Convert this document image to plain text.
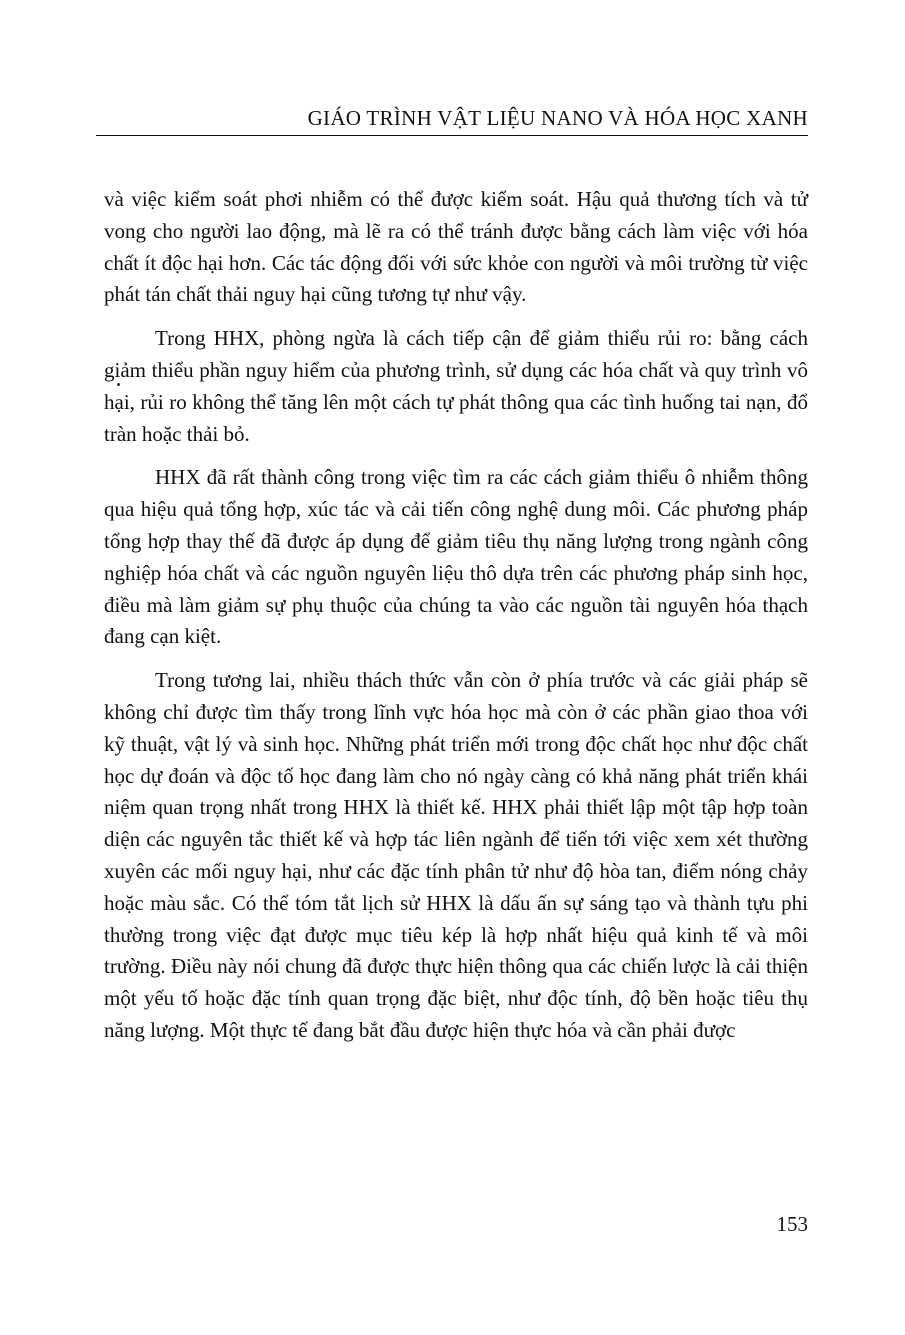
GIÁO TRÌNH VẬT LIỆU NANO VÀ HÓA HỌC XANH

và việc kiểm soát phơi nhiễm có thể được kiểm soát. Hậu quả thương tích và tử vong cho người lao động, mà lẽ ra có thể tránh được bằng cách làm việc với hóa chất ít độc hại hơn. Các tác động đối với sức khỏe con người và môi trường từ việc phát tán chất thải nguy hại cũng tương tự như vậy.

Trong HHX, phòng ngừa là cách tiếp cận để giảm thiểu rủi ro: bằng cách giảm thiểu phần nguy hiểm của phương trình, sử dụng các hóa chất và quy trình vô hại, rủi ro không thể tăng lên một cách tự phát thông qua các tình huống tai nạn, đổ tràn hoặc thải bỏ.

HHX đã rất thành công trong việc tìm ra các cách giảm thiểu ô nhiễm thông qua hiệu quả tổng hợp, xúc tác và cải tiến công nghệ dung môi. Các phương pháp tổng hợp thay thế đã được áp dụng để giảm tiêu thụ năng lượng trong ngành công nghiệp hóa chất và các nguồn nguyên liệu thô dựa trên các phương pháp sinh học, điều mà làm giảm sự phụ thuộc của chúng ta vào các nguồn tài nguyên hóa thạch đang cạn kiệt.

Trong tương lai, nhiều thách thức vẫn còn ở phía trước và các giải pháp sẽ không chỉ được tìm thấy trong lĩnh vực hóa học mà còn ở các phần giao thoa với kỹ thuật, vật lý và sinh học. Những phát triển mới trong độc chất học như độc chất học dự đoán và độc tố học đang làm cho nó ngày càng có khả năng phát triển khái niệm quan trọng nhất trong HHX là thiết kế. HHX phải thiết lập một tập hợp toàn diện các nguyên tắc thiết kế và hợp tác liên ngành để tiến tới việc xem xét thường xuyên các mối nguy hại, như các đặc tính phân tử như độ hòa tan, điểm nóng chảy hoặc màu sắc. Có thể tóm tắt lịch sử HHX là dấu ấn sự sáng tạo và thành tựu phi thường trong việc đạt được mục tiêu kép là hợp nhất hiệu quả kinh tế và môi trường. Điều này nói chung đã được thực hiện thông qua các chiến lược là cải thiện một yếu tố hoặc đặc tính quan trọng đặc biệt, như độc tính, độ bền hoặc tiêu thụ năng lượng. Một thực tế đang bắt đầu được hiện thực hóa và cần phải được

153
